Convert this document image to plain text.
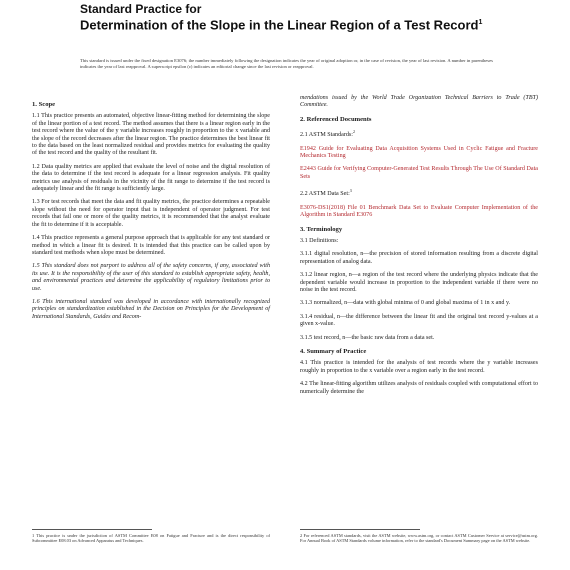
Standard Practice for
Determination of the Slope in the Linear Region of a Test Record$^1$
This standard is issued under the fixed designation E3076; the number immediately following the designation indicates the year of original adoption or, in the case of revision, the year of last revision. A number in parentheses indicates the year of last reapproval. A superscript epsilon (ε) indicates an editorial change since the last revision or reapproval.
1. Scope

1.1 This practice presents an automated, objective linear-fitting method for determining the slope of the linear portion of a test record. The method assumes that there is a linear region early in the test record where the value of the y variable increases roughly in proportion to the x variable and the slope of the record decreases after the linear region. The practice determines the best linear fit to the data based on the least normalized residual and provides metrics for evaluating the quality of the test record and the quality of the resultant fit.

1.2 Data quality metrics are applied that evaluate the level of noise and the digital resolution of the data to determine if the test record is adequate for a linear regression analysis. Fit quality metrics use analysis of residuals in the vicinity of the fit range to determine if the test record is adequately linear and the fit range is sufficiently large.

1.3 For test records that meet the data and fit quality metrics, the practice determines a repeatable slope without the need for operator input that is independent of operator judgment. For test records that fail one or more of the quality metrics, it is recommended that the analyst evaluate the fit to determine if it is acceptable.

1.4 This practice represents a general purpose approach that is applicable for any test standard or method in which a linear fit is desired. It is intended that this practice can be called upon by standard test methods when slope must be determined.

1.5 This standard does not purport to address all of the safety concerns, if any, associated with its use. It is the responsibility of the user of this standard to establish appropriate safety, health, and environmental practices and determine the applicability of regulatory limitations prior to use.

1.6 This international standard was developed in accordance with internationally recognized principles on standardization established in the Decision on Principles for the Development of International Standards, Guides and Recom-

1 This practice is under the jurisdiction of ASTM Committee E08 on Fatigue and Fracture and is the direct responsibility of Subcommittee E08.03 on Advanced Apparatus and Techniques.

mendations issued by the World Trade Organization Technical Barriers to Trade (TBT) Committee.

2. Referenced Documents

2.1 ASTM Standards:$^2$

E1942 Guide for Evaluating Data Acquisition Systems Used in Cyclic Fatigue and Fracture Mechanics Testing

E2443 Guide for Verifying Computer-Generated Test Results Through The Use Of Standard Data Sets

2.2 ASTM Data Set:$^3$

E3076-DS1(2018) File 01 Benchmark Data Set to Evaluate Computer Implementation of the Algorithm in Standard E3076

3. Terminology

3.1 Definitions:

3.1.1 digital resolution, n—the precision of stored information resulting from a discrete digital representation of analog data.

3.1.2 linear region, n—a region of the test record where the underlying physics indicate that the dependent variable would increase in proportion to the independent variable if there were no noise in the test record.

3.1.3 normalized, n—data with global minima of 0 and global maxima of 1 in x and y.

3.1.4 residual, n—the difference between the linear fit and the original test record y-values at a given x-value.

3.1.5 test record, n—the basic raw data from a data set.

4. Summary of Practice

4.1 This practice is intended for the analysis of test records where the y variable increases roughly in proportion to the x variable over a region early in the test record.

4.2 The linear-fitting algorithm utilizes analysis of residuals coupled with computational effort to numerically determine the

2 For referenced ASTM standards, visit the ASTM website, www.astm.org, or contact ASTM Customer Service at service@astm.org. For Annual Book of ASTM Standards volume information, refer to the standard's Document Summary page on the ASTM website.
